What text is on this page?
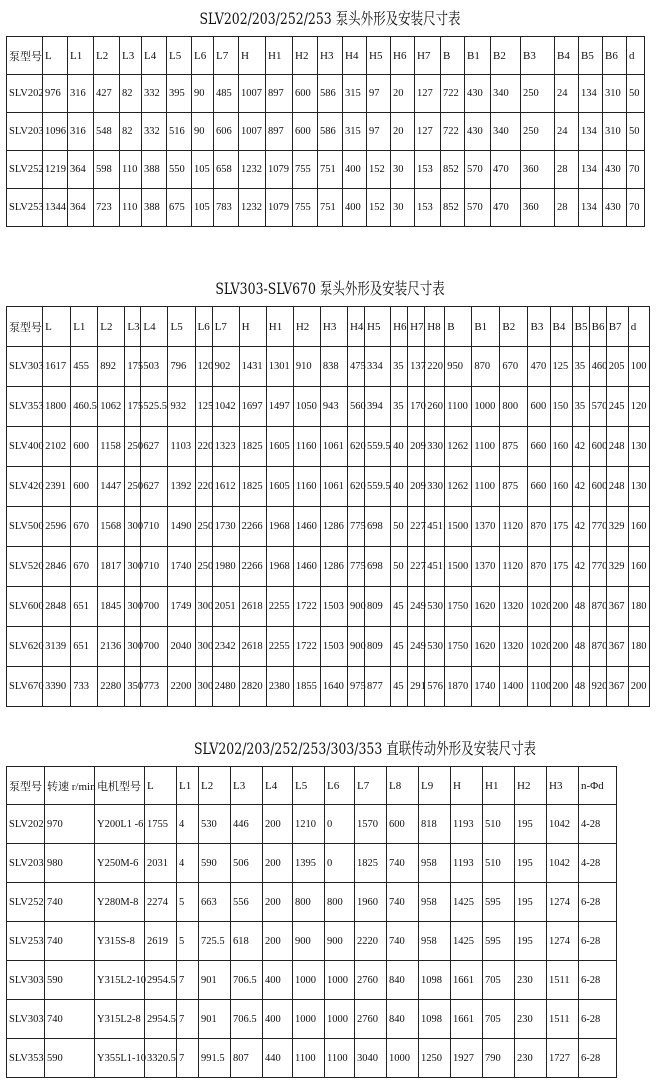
SLV202/203/252/253 泵头外形及安装尺寸表
泵型号	L	L1	L2	L3	L4	L5	L6	L7	H	H1	H2	H3	H4	H5	H6	H7	B	B1	B2	B3	B4	B5	B6	d
SLV202	976	316	427	82	332	395	90	485	1007	897	600	586	315	97	20	127	722	430	340	250	24	134	310	50
SLV203	1096	316	548	82	332	516	90	606	1007	897	600	586	315	97	20	127	722	430	340	250	24	134	310	50
SLV252	1219	364	598	110	388	550	105	658	1232	1079	755	751	400	152	30	153	852	570	470	360	28	134	430	70
SLV253	1344	364	723	110	388	675	105	783	1232	1079	755	751	400	152	30	153	852	570	470	360	28	134	430	70
SLV303-SLV670 泵头外形及安装尺寸表
泵型号	L	L1	L2	L3	L4	L5	L6	L7	H	H1	H2	H3	H4	H5	H6	H7	H8	B	B1	B2	B3	B4	B5	B6	B7	d
SLV303	1617	455	892	175	503	796	120	902	1431	1301	910	838	475	334	35	137	220	950	870	670	470	125	35	460	205	100
SLV353	1800	460.5	1062	175	525.5	932	125	1042	1697	1497	1050	943	560	394	35	170	260	1100	1000	800	600	150	35	570	245	120
SLV400	2102	600	1158	250	627	1103	220	1323	1825	1605	1160	1061	620	559.5	40	209	330	1262	1100	875	660	160	42	600	248	130
SLV420	2391	600	1447	250	627	1392	220	1612	1825	1605	1160	1061	620	559.5	40	209	330	1262	1100	875	660	160	42	600	248	130
SLV500	2596	670	1568	300	710	1490	250	1730	2266	1968	1460	1286	775	698	50	227	451	1500	1370	1120	870	175	42	770	329	160
SLV520	2846	670	1817	300	710	1740	250	1980	2266	1968	1460	1286	775	698	50	227	451	1500	1370	1120	870	175	42	770	329	160
SLV600	2848	651	1845	300	700	1749	300	2051	2618	2255	1722	1503	900	809	45	249	530	1750	1620	1320	1020	200	48	870	367	180
SLV620	3139	651	2136	300	700	2040	300	2342	2618	2255	1722	1503	900	809	45	249	530	1750	1620	1320	1020	200	48	870	367	180
SLV670	3390	733	2280	350	773	2200	300	2480	2820	2380	1855	1640	975	877	45	291	576	1870	1740	1400	1100	200	48	920	367	200
SLV202/203/252/253/303/353 直联传动外形及安装尺寸表
泵型号	转速 r/min	电机型号	L	L1	L2	L3	L4	L5	L6	L7	L8	L9	H	H1	H2	H3	n-Φd
SLV202	970	Y200L1 -6	1755	4	530	446	200	1210	0	1570	600	818	1193	510	195	1042	4-28
SLV203	980	Y250M-6	2031	4	590	506	200	1395	0	1825	740	958	1193	510	195	1042	4-28
SLV252	740	Y280M-8	2274	5	663	556	200	800	800	1960	740	958	1425	595	195	1274	6-28
SLV253	740	Y315S-8	2619	5	725.5	618	200	900	900	2220	740	958	1425	595	195	1274	6-28
SLV303	590	Y315L2-10	2954.5	7	901	706.5	400	1000	1000	2760	840	1098	1661	705	230	1511	6-28
SLV303	740	Y315L2-8	2954.5	7	901	706.5	400	1000	1000	2760	840	1098	1661	705	230	1511	6-28
SLV353	590	Y355L1-10	3320.5	7	991.5	807	440	1100	1100	3040	1000	1250	1927	790	230	1727	6-28
